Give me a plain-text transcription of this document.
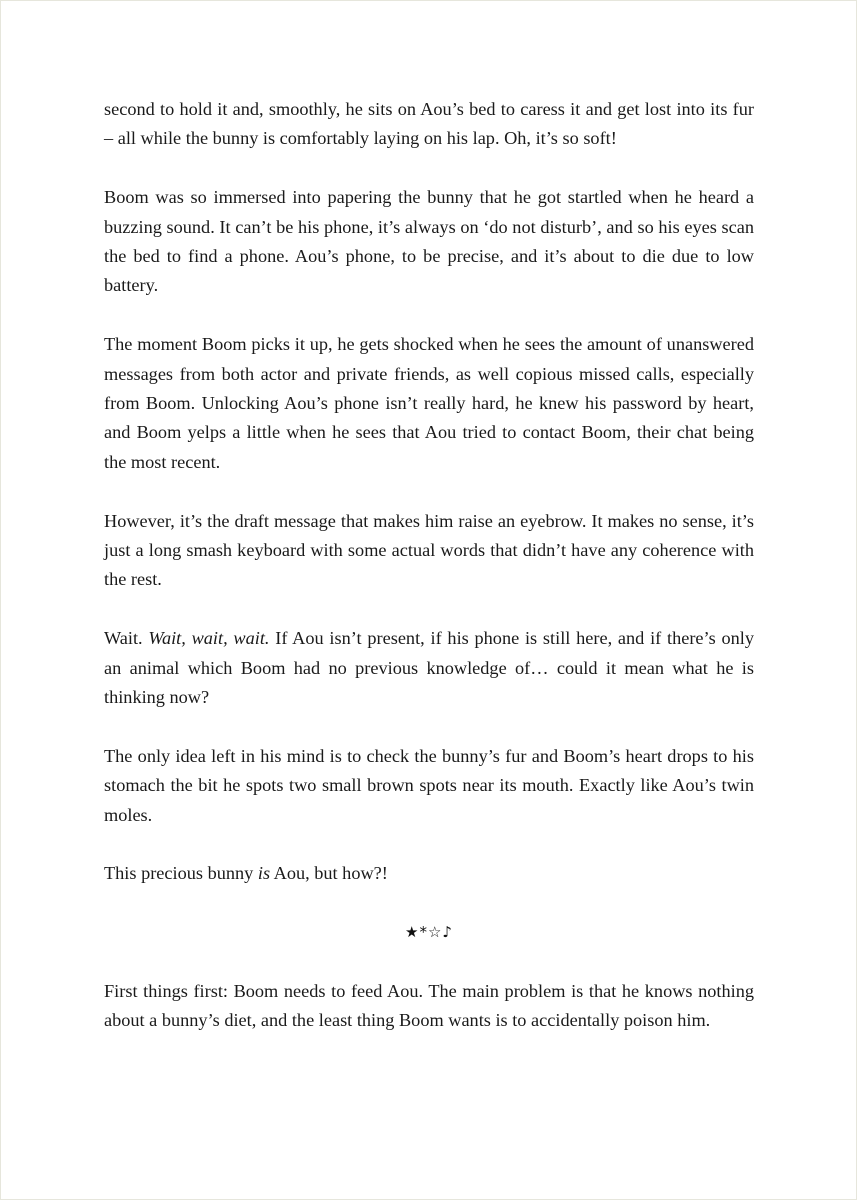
second to hold it and, smoothly, he sits on Aou’s bed to caress it and get lost into its fur – all while the bunny is comfortably laying on his lap. Oh, it’s so soft!

Boom was so immersed into papering the bunny that he got startled when he heard a buzzing sound. It can’t be his phone, it’s always on ‘do not disturb’, and so his eyes scan the bed to find a phone. Aou’s phone, to be precise, and it’s about to die due to low battery.

The moment Boom picks it up, he gets shocked when he sees the amount of unanswered messages from both actor and private friends, as well copious missed calls, especially from Boom. Unlocking Aou’s phone isn’t really hard, he knew his password by heart, and Boom yelps a little when he sees that Aou tried to contact Boom, their chat being the most recent.

However, it’s the draft message that makes him raise an eyebrow. It makes no sense, it’s just a long smash keyboard with some actual words that didn’t have any coherence with the rest.

Wait. Wait, wait, wait. If Aou isn’t present, if his phone is still here, and if there’s only an animal which Boom had no previous knowledge of… could it mean what he is thinking now?

The only idea left in his mind is to check the bunny’s fur and Boom’s heart drops to his stomach the bit he spots two small brown spots near its mouth. Exactly like Aou’s twin moles.

This precious bunny is Aou, but how?!

★*☆♪

First things first: Boom needs to feed Aou. The main problem is that he knows nothing about a bunny’s diet, and the least thing Boom wants is to accidentally poison him.
